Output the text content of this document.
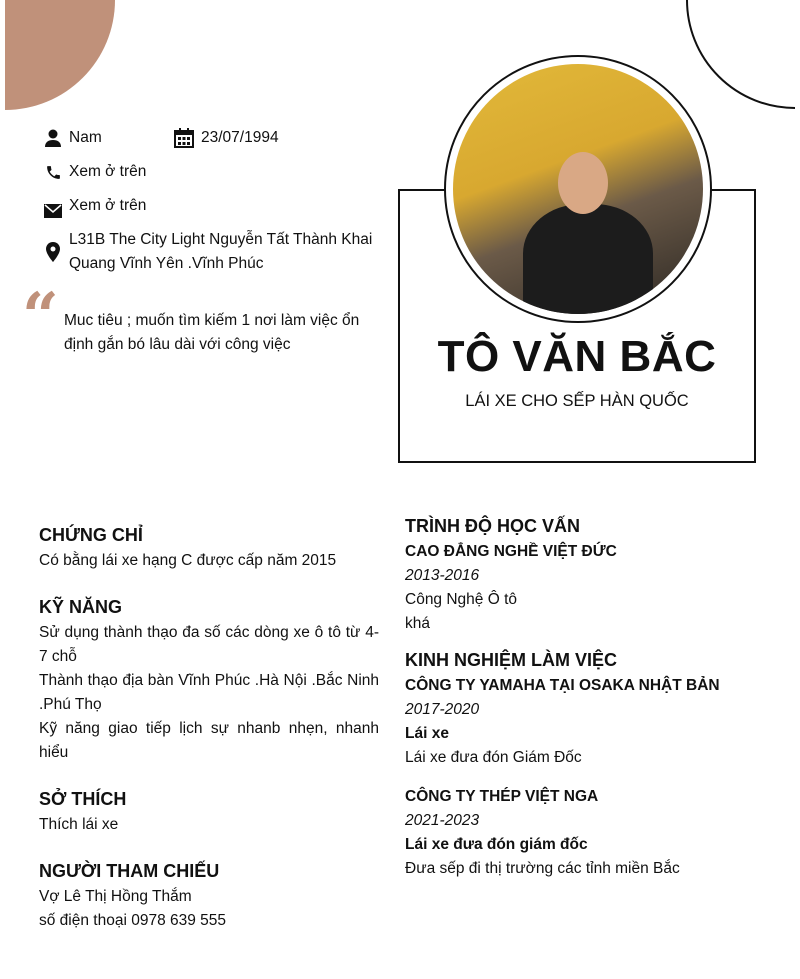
TÔ VĂN BẮC
LÁI XE CHO SẾP HÀN QUỐC
Nam	23/07/1994
Xem ở trên
Xem ở trên
L31B The City Light Nguyễn Tất Thành Khai Quang Vĩnh Yên .Vĩnh Phúc
“ Muc tiêu ; muốn tìm kiếm 1 nơi làm việc ổn định gắn bó lâu dài với công việc
CHỨNG CHỈ
Có bằng lái xe hạng C được cấp năm 2015
KỸ NĂNG
Sử dụng thành thạo đa số các dòng xe ô tô từ 4-7 chỗ
Thành thạo địa bàn Vĩnh Phúc .Hà Nội .Bắc Ninh .Phú Thọ
Kỹ năng giao tiếp lịch sự nhanb nhẹn, nhanh hiểu
SỞ THÍCH
Thích lái xe
NGƯỜI THAM CHIẾU
Vợ Lê Thị Hồng Thắm
số điện thoại 0978 639 555
TRÌNH ĐỘ HỌC VẤN
CAO ĐẲNG NGHỀ VIỆT ĐỨC
2013-2016
Công Nghệ Ô tô
khá
KINH NGHIỆM LÀM VIỆC
CÔNG TY YAMAHA TẠI OSAKA NHẬT BẢN
2017-2020
Lái xe
Lái xe đưa đón Giám Đốc
CÔNG TY THÉP VIỆT NGA
2021-2023
Lái xe đưa đón giám đốc
Đưa sếp đi thị trường các tỉnh miền Bắc
